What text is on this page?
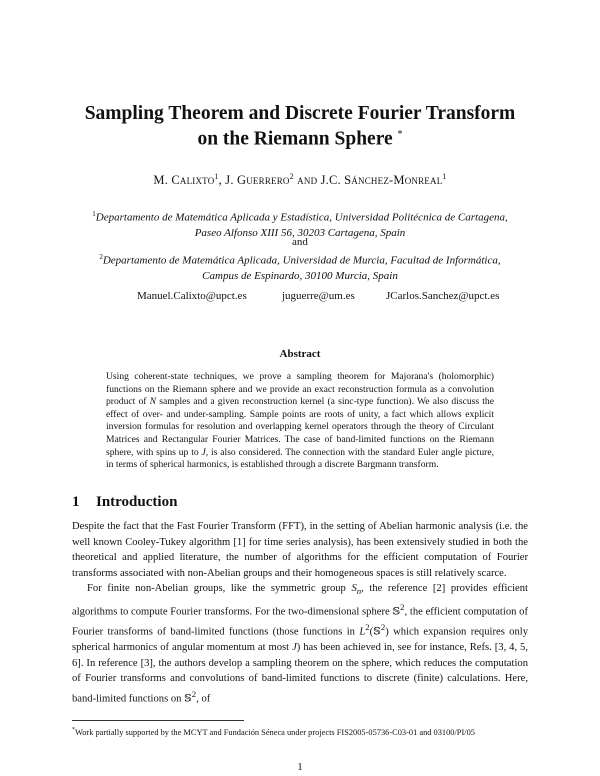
Sampling Theorem and Discrete Fourier Transform
on the Riemann Sphere *
M. Calixto$^1$, J. Guerrero$^2$ and J.C. Sánchez-Monreal$^1$
$^1$Departamento de Matemática Aplicada y Estadística, Universidad Politécnica de Cartagena,
Paseo Alfonso XIII 56, 30203 Cartagena, Spain
and
$^2$Departamento de Matemática Aplicada, Universidad de Murcia, Facultad de Informática,
Campus de Espinardo, 30100 Murcia, Spain
Manuel.Calixto@upct.es	juguerre@um.es	JCarlos.Sanchez@upct.es
Abstract
Using coherent-state techniques, we prove a sampling theorem for Majorana's (holomorphic) functions on the Riemann sphere and we provide an exact reconstruction formula as a convolution product of N samples and a given reconstruction kernel (a sinc-type function). We also discuss the effect of over- and under-sampling. Sample points are roots of unity, a fact which allows explicit inversion formulas for resolution and overlapping kernel operators through the theory of Circulant Matrices and Rectangular Fourier Matrices. The case of band-limited functions on the Riemann sphere, with spins up to J, is also considered. The connection with the standard Euler angle picture, in terms of spherical harmonics, is established through a discrete Bargmann transform.
1 Introduction
Despite the fact that the Fast Fourier Transform (FFT), in the setting of Abelian harmonic analysis (i.e. the well known Cooley-Tukey algorithm [1] for time series analysis), has been extensively studied in both the theoretical and applied literature, the number of algorithms for the efficient computation of Fourier transforms associated with non-Abelian groups and their homogeneous spaces is still relatively scarce.
For finite non-Abelian groups, like the symmetric group $S_n$, the reference [2] provides efficient algorithms to compute Fourier transforms. For the two-dimensional sphere 𝕊$^2$, the efficient computation of Fourier transforms of band-limited functions (those functions in $L^2(𝕊^2)$ which expansion requires only spherical harmonics of angular momentum at most J) has been achieved in, see for instance, Refs. [3, 4, 5, 6]. In reference [3], the authors develop a sampling theorem on the sphere, which reduces the computation of Fourier transforms and convolutions of band-limited functions to discrete (finite) calculations. Here, band-limited functions on 𝕊$^2$, of
*Work partially supported by the MCYT and Fundación Séneca under projects FIS2005-05736-C03-01 and 03100/PI/05
1
